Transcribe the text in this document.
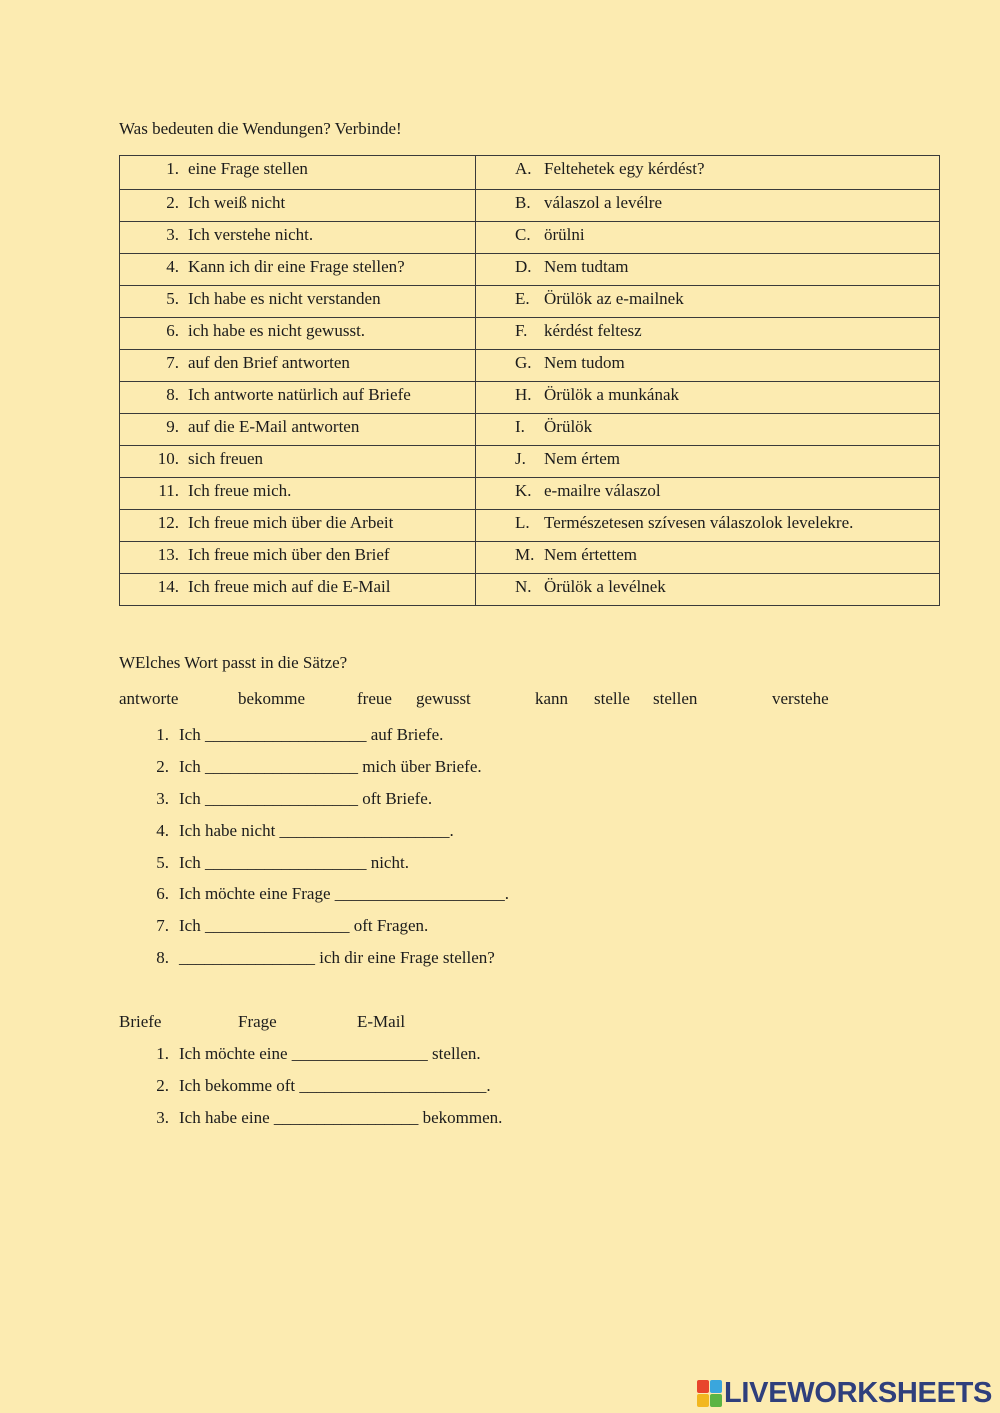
Was bedeuten die Wendungen? Verbinde!
1. eine Frage stellen	A. Feltehetek egy kérdést?

2. Ich weiß nicht	B. válaszol a levélre

3. Ich verstehe nicht.	C. örülni

4. Kann ich dir eine Frage stellen?	D. Nem tudtam

5. Ich habe es nicht verstanden	E. Örülök az e-mailnek

6. ich habe es nicht gewusst.	F. kérdést feltesz

7. auf den Brief antworten	G. Nem tudom

8. Ich antworte natürlich auf Briefe	H. Örülök a munkának

9. auf die E-Mail antworten	I. Örülök

10. sich freuen	J. Nem értem

11. Ich freue mich.	K. e-mailre válaszol

12. Ich freue mich über die Arbeit	L. Természetesen szívesen válaszolok levelekre.

13. Ich freue mich über den Brief	M. Nem értettem

14. Ich freue mich auf die E-Mail	N. Örülök a levélnek
WElches Wort passt in die Sätze?
antworte	bekomme	freue gewusst	kann stelle stellen	verstehe
1. Ich ___________________ auf Briefe.
2. Ich __________________ mich über Briefe.
3. Ich __________________ oft Briefe.
4. Ich habe nicht ____________________.
5. Ich ___________________ nicht.
6. Ich möchte eine Frage ____________________.
7. Ich _________________ oft Fragen.
8. ________________ ich dir eine Frage stellen?
Briefe	Frage	E-Mail
1. Ich möchte eine ________________ stellen.
2. Ich bekomme oft ______________________.
3. Ich habe eine _________________ bekommen.
LIVEWORKSHEETS
